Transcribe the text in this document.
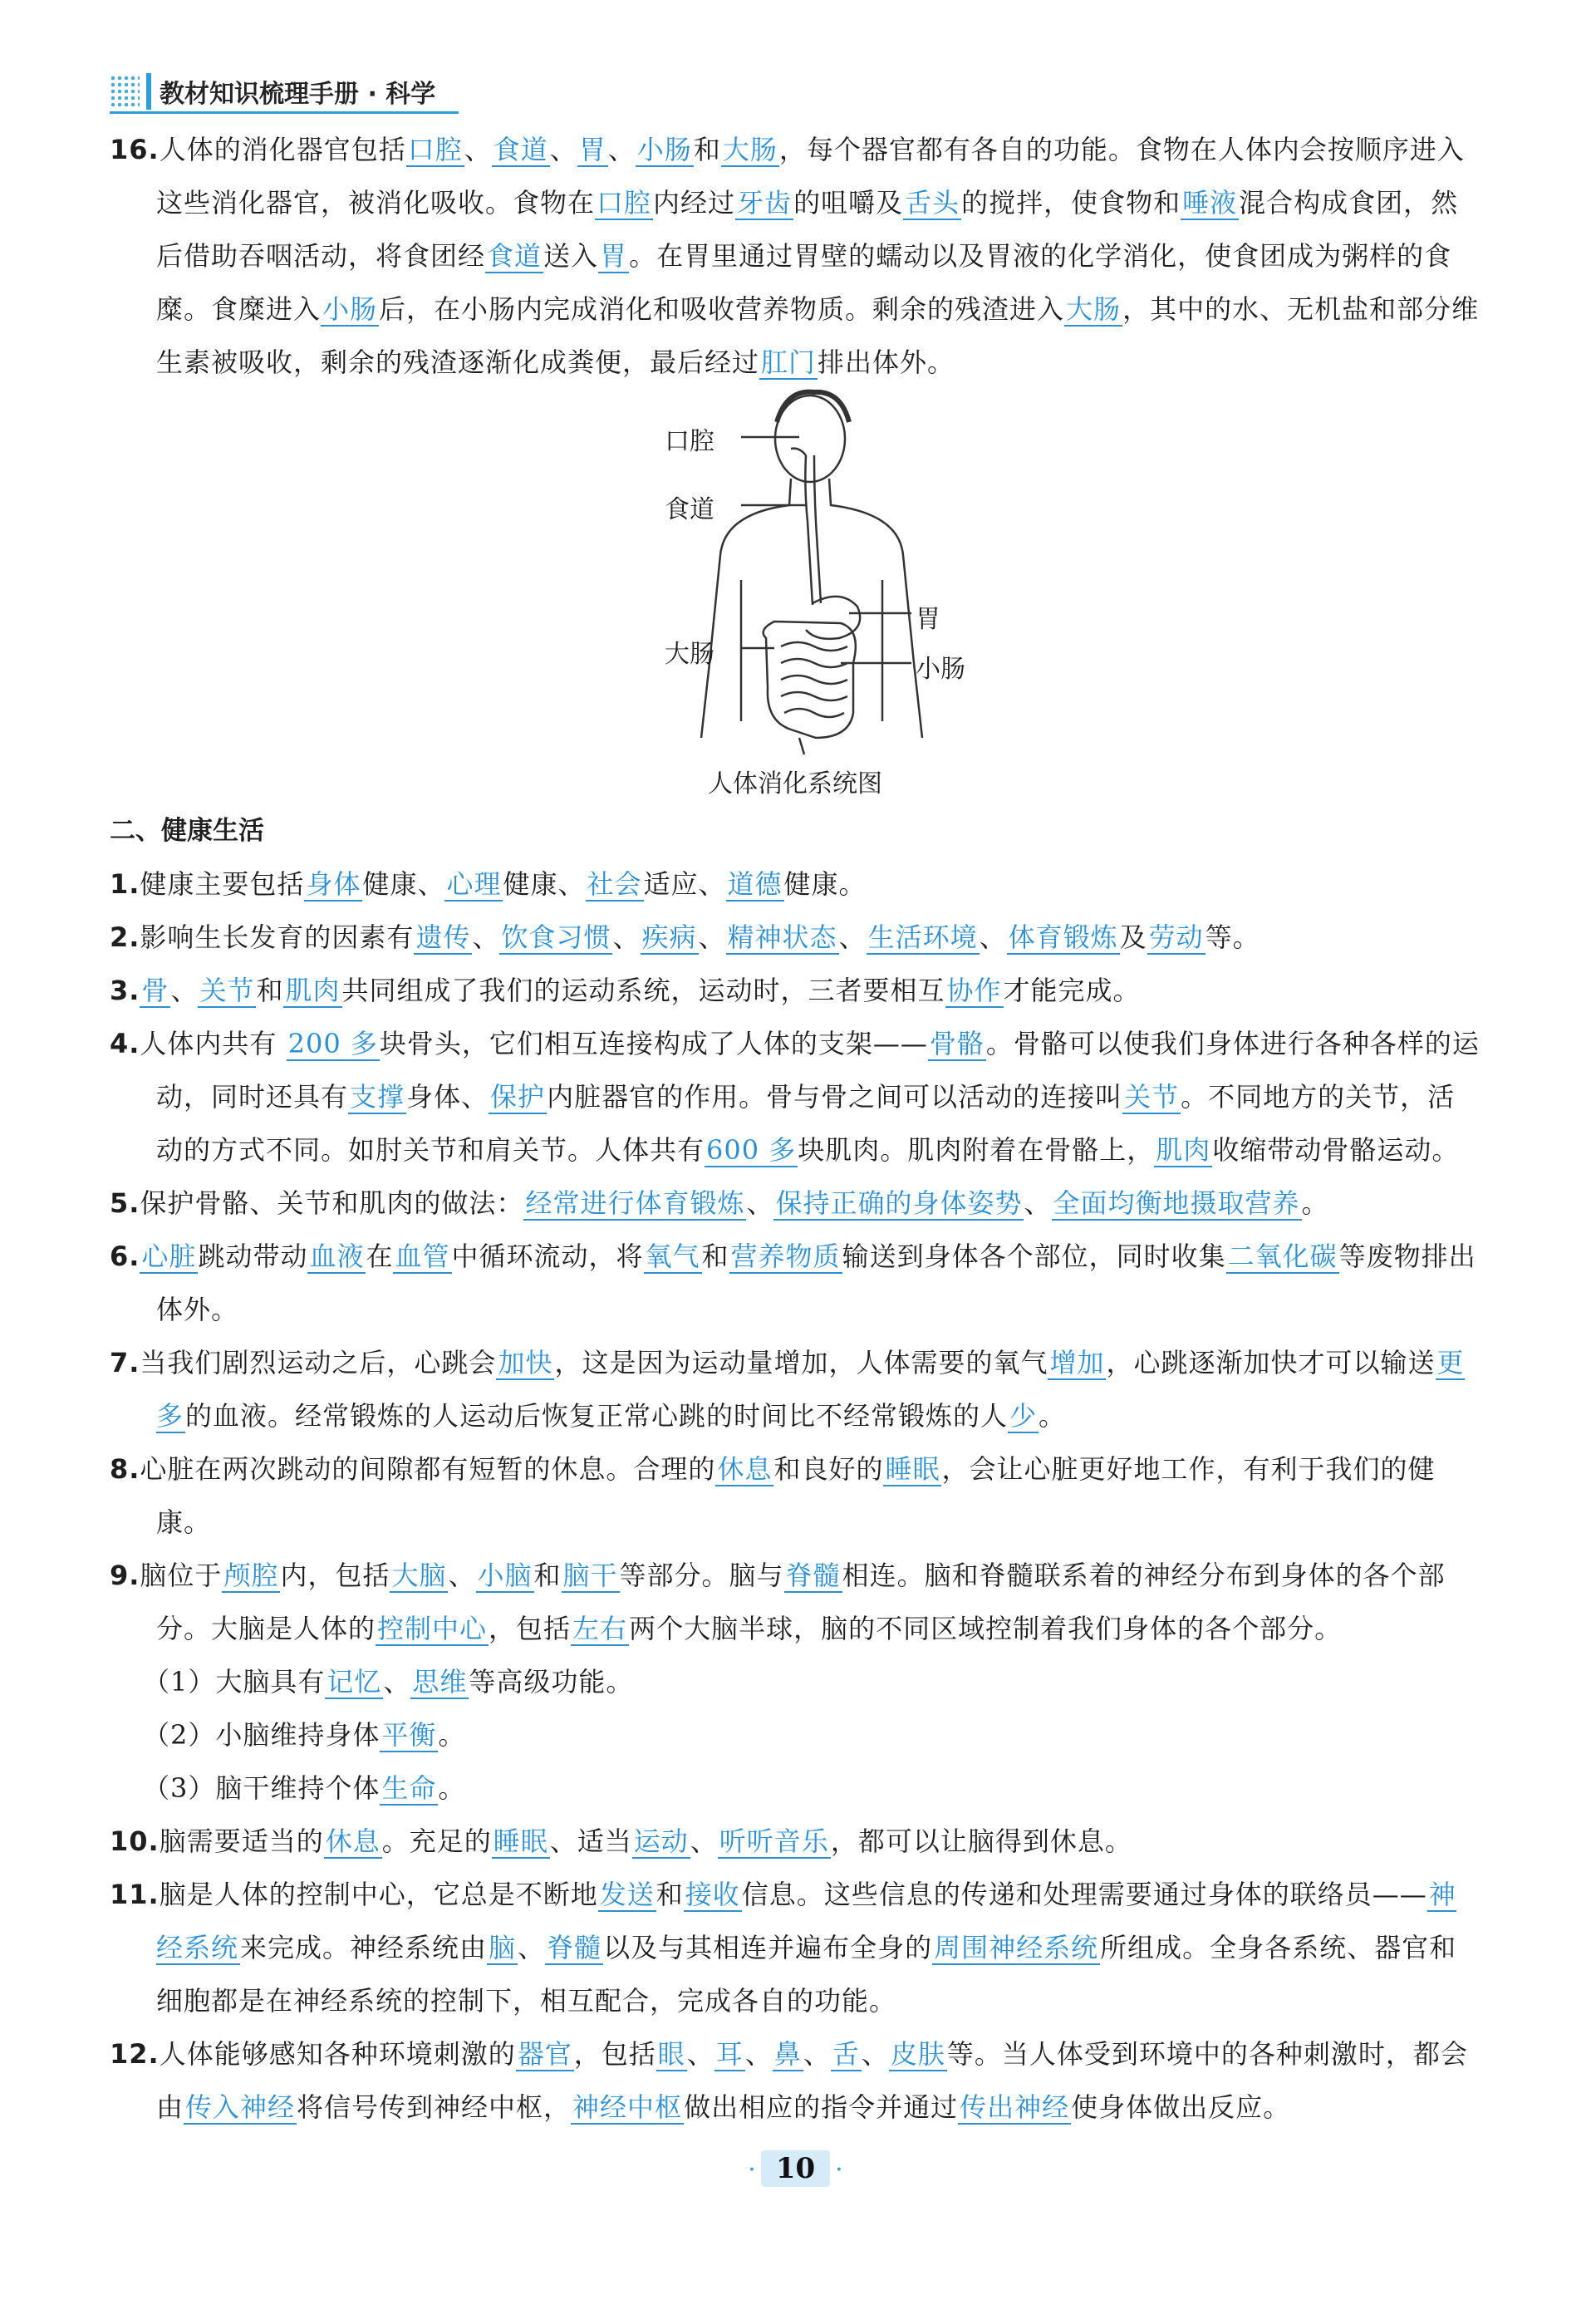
教材知识梳理手册 · 科学

16.人体的消化器官包括口腔、食道、胃、小肠和大肠，每个器官都有各自的功能。食物在人体内会按顺序进入这些消化器官，被消化吸收。食物在口腔内经过牙齿的咀嚼及舌头的搅拌，使食物和唾液混合构成食团，然后借助吞咽活动，将食团经食道送入胃。在胃里通过胃壁的蠕动以及胃液的化学消化，使食团成为粥样的食糜。食糜进入小肠后，在小肠内完成消化和吸收营养物质。剩余的残渣进入大肠，其中的水、无机盐和部分维生素被吸收，剩余的残渣逐渐化成粪便，最后经过肛门排出体外。

口腔
食道
胃
小肠
大肠
人体消化系统图

二、健康生活

1.健康主要包括身体健康、心理健康、社会适应、道德健康。

2.影响生长发育的因素有遗传、饮食习惯、疾病、精神状态、生活环境、体育锻炼及劳动等。

3.骨、关节和肌肉共同组成了我们的运动系统，运动时，三者要相互协作才能完成。

4.人体内共有 200 多块骨头，它们相互连接构成了人体的支架——骨骼。骨骼可以使我们身体进行各种各样的运动，同时还具有支撑身体、保护内脏器官的作用。骨与骨之间可以活动的连接叫关节。不同地方的关节，活动的方式不同。如肘关节和肩关节。人体共有600 多块肌肉。肌肉附着在骨骼上，肌肉收缩带动骨骼运动。

5.保护骨骼、关节和肌肉的做法：经常进行体育锻炼、保持正确的身体姿势、全面均衡地摄取营养。

6.心脏跳动带动血液在血管中循环流动，将氧气和营养物质输送到身体各个部位，同时收集二氧化碳等废物排出体外。

7.当我们剧烈运动之后，心跳会加快，这是因为运动量增加，人体需要的氧气增加，心跳逐渐加快才可以输送更多的血液。经常锻炼的人运动后恢复正常心跳的时间比不经常锻炼的人少。

8.心脏在两次跳动的间隙都有短暂的休息。合理的休息和良好的睡眠，会让心脏更好地工作，有利于我们的健康。

9.脑位于颅腔内，包括大脑、小脑和脑干等部分。脑与脊髓相连。脑和脊髓联系着的神经分布到身体的各个部分。大脑是人体的控制中心，包括左右两个大脑半球，脑的不同区域控制着我们身体的各个部分。

（1）大脑具有记忆、思维等高级功能。

（2）小脑维持身体平衡。

（3）脑干维持个体生命。

10.脑需要适当的休息。充足的睡眠、适当运动、听听音乐，都可以让脑得到休息。

11.脑是人体的控制中心，它总是不断地发送和接收信息。这些信息的传递和处理需要通过身体的联络员——神经系统来完成。神经系统由脑、脊髓以及与其相连并遍布全身的周围神经系统所组成。全身各系统、器官和细胞都是在神经系统的控制下，相互配合，完成各自的功能。

12.人体能够感知各种环境刺激的器官，包括眼、耳、鼻、舌、皮肤等。当人体受到环境中的各种刺激时，都会由传入神经将信号传到神经中枢，神经中枢做出相应的指令并通过传出神经使身体做出反应。

· 10 ·
